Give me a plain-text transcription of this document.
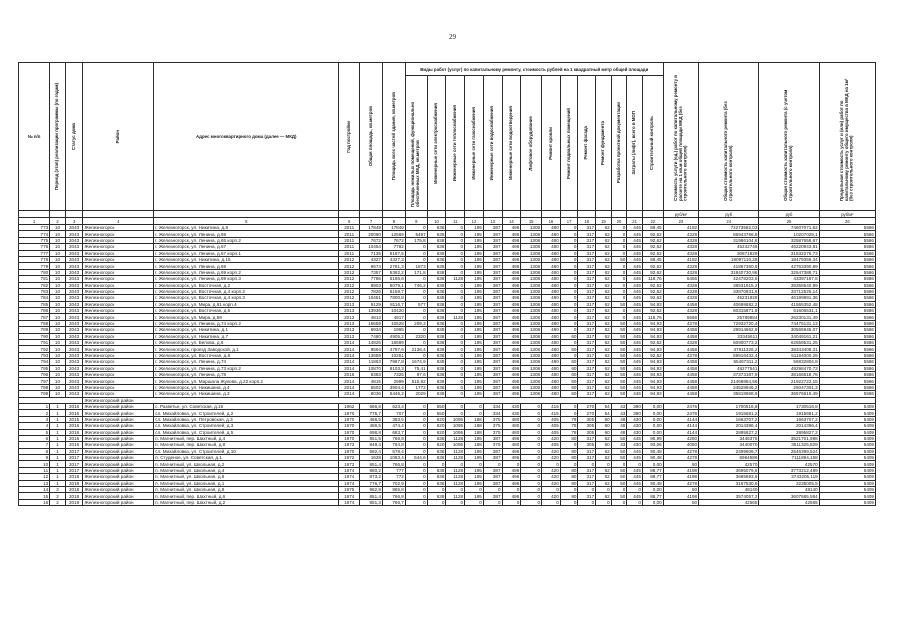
29
№ п/п	Период (этап) реализации программы (по годам)	Статус дома	Район	Адрес многоквартирного дома (далее — МКД)	Год постройки	Общая площадь, кв.метров	Площадь всех частей здания, кв.метров	Виды работ (услуг) по капитальному ремонту, стоимость рублей на 1 квадратный метр общей площади														Стоимость услуги (ед.) работ по капитальному ремонту в расчете на 1 кв.м общей площади МКД (без строительного контроля)	Общая стоимость капитального ремонта (без строительного контроля)	Общая стоимость капитального ремонта (с учетом строительного контроля)	Предельная стоимость услуг и (или) работ по капитальному ремонту общего имущества в МКД на 1м² (без строительного контроля)

								Площадь нежилых помещений, функционально обеспеченных МКД, кв.метров	Инженерные сети электроснабжения	Инженерные сети теплоснабжения	Инженерные сети газоснабжения	Инженерные сети водоснабжения	Инженерные сети водоотведения	Лифтовое оборудование	Ремонт кровли	Ремонт подвальных помещений	Ремонт фасада	Ремонт фундамента	Разработка проектной документации	Затраты (лифт), всего в МОП	Строительный контроль				

																						руб/м²	руб	руб	руб/м²
1	2	3	4	5	6	7	8	9	10	11	12	13	14	15	16	17	18	19	20	21	22	23	24	25	26
773	10	2043	Железногорск	г. Железногорск, ул. Никитина, д.8	2011	17849	17849	0	638	0	195	387	496	1308	480	0	317	62	0	445	89,45	4182	72273582,03	74607071,62	5586
774	10	2043	Железногорск	г. Железногорск, ул. Ленина, д.59	2011	20090	12569	5497	638	0	195	387	496	1308	480	0	317	62	0	445	92,62	4328	86943766,8	10207029,1	5586
775	10	2043	Железногорск	г. Железногорск, ул. Ленина, д.65 корп.2	2011	7672	7672	175,8	638	0	195	387	496	1308	480	0	317	62	0	445	92,62	4328	31986104,8	32587658,67	5586
776	10	2043	Железногорск	г. Железногорск, ул. Ленина, д.67	2011	10454	7782	0	638	0	195	387	496	1308	480	0	317	62	0	445	92,62	4328	45242746	46220943,81	5586
777	10	2043	Железногорск	г. Железногорск, ул. Ленина, д.67 корп.1	2011	7135	5187,5	0	638	0	195	387	496	1308	480	0	317	62	0	445	92,62	4328	30871829	31532276,73	5586
778	10	2043	Железногорск	г. Железногорск, ул. Никитина, д.15	2012	4327	4327,3	0	638	0	195	387	496	1308	480	0	317	62	50	445	88,45	4182	18097110,28	18479356,34	5586
779	10	2043	Железногорск	г. Железногорск, ул. Ленина, д.69	2012	9674	2781,3	1873	638	0	195	387	496	1308	480	0	317	62	0	445	92,62	4328	41867360,8	42763390,89	5586
780	10	2043	Железногорск	г. Железногорск, ул. Ленина, д.69 корп.2	2012	7357	5382,2	171,8	638	0	195	387	496	1308	480	0	317	62	0	445	92,62	4328	31840730,96	32547388,71	5586
781	10	2043	Железногорск	г. Железногорск, ул. Ленина, д.69 корп.3	2012	7786	5186,6	0	638	1128	195	387	496	1308	480	0	317	62	0	445	118,76	5456	42478203,6	43397167,8	5586
782	10	2043	Железногорск	г. Железногорск, ул. Восточная, д.2	2012	8903	5079,1	746,2	638	0	195	387	496	1308	480	0	317	62	0	445	92,62	4328	38531915,2	39358540,99	5586
783	10	2043	Железногорск	г. Железногорск, ул. Восточная, д.4 корп.2	2012	7826	5159,7	0	638	0	195	387	496	1308	480	0	317	62	0	445	92,62	4328	33870931,6	33712525,14	5586
784	10	2043	Железногорск	г. Железногорск, ул. Восточная, д.4 корп.3	2012	10451	7800,8	0	638	0	195	387	496	1308	480	0	317	62	0	445	92,62	4328	45231928	46199891,36	5586
785	10	2043	Железногорск	г. Железногорск, ул. Мира, д.61 корп.4	2013	9129	8116,7	577	638	0	195	387	496	1308	480	0	317	62	50	445	94,93	4458	40698682,2	41565352,48	5586
786	10	2043	Железногорск	г. Железногорск, ул. Восточная, д.6	2013	13936	10420	0	638	0	195	387	496	1308	480	0	317	62	0	445	92,62	4328	60315871,8	61606531,1	5586
787	10	2043	Железногорск	г. Железногорск, ул. Мира, д.59	2013	4813	4917	0	638	1128	195	387	496	1308	480	0	317	62	0	445	118,76	5566	25789884	26230131,49	5586
788	10	2043	Железногорск	г. Железногорск, ул. Ленина, д.74 корп.2	2013	16659	10528	209,3	638	0	195	387	496	1308	480	0	317	62	50	445	94,93	4378	72932720,4	74475131,13	5586
789	10	2043	Железногорск	г. Железногорск, ул. Никитина, д.1	2013	6934	1965	0	638	0	195	387	496	1308	480	0	317	62	50	445	94,93	4458	29914662,9	30565945,07	5586
790	10	2043	Железногорск	г. Железногорск, ул. Никитина, д.7	2013	7480	4905,2	2320	638	0	195	387	496	1308	480	60	317	62	50	445	94,93	4458	33345611	34049161,21	5586
791	10	2043	Железногорск	г. Железногорск, ул. Белова, д.6	2014	14826	16599	0	638	0	195	387	496	1308	480	0	317	62	50	445	92,62	4328	60900773,2	62559531,25	5586
792	10	2043	Железногорск	г. Железногорск, проезд Заводской, д.1	2014	8594	4797,6	2136,4	638	0	195	387	496	1308	480	60	317	62	50	445	94,93	4458	37911326,2	38343408,31	5586
793	10	2043	Железногорск	г. Железногорск, ул. Восточная, д.8	2014	13689	10251	0	638	0	195	387	496	1308	480	0	317	62	50	445	92,62	4378	59916432,4	51184000,25	5586
794	10	2043	Железногорск	г. Железногорск, ул. Ленина, д.74	2014	11863	7967,8	1674,9	638	0	195	387	496	1308	480	60	317	62	50	445	94,93	4458	55467311,2	56832804,8	5586
795	10	2043	Железногорск	г. Железногорск, ул. Ленина, д.73 корп.2	2014	10870	8103,3	75,41	638	0	195	387	496	1308	480	60	317	62	50	445	94,93	4458	48277541	49298470,73	5586
796	10	2043	Железногорск	г. Железногорск, ул. Ленина, д.78	2016	8383	7325	97,6	638	0	195	387	496	1308	480	60	317	62	50	445	94,93	4458	37373187,9	38166518,78	5586
797	10	2043	Железногорск	г. Железногорск, ул. Маршала Жукова, д.22 корп.2	2014	4815	2999	515,92	638	0	195	387	496	1308	480	60	317	62	50	445	94,93	4458	21468894,56	21922722,15	5586
798	10	2043	Железногорск	г. Железногорск, ул. Никишина, д.4	2014	5502	3904,4	1772	638	0	195	387	496	1308	480	60	317	62	50	445	94,93	4458	24528946,2	25047301,3	5586
799	10	2043	Железногорск	г. Железногорск, ул. Никишина, д.3	2014	8036	5446,2	2029	638	0	195	387	496	1308	480	60	317	62	50	445	94,93	4458	35818968,6	36576615,49	5586
			Железногорский район																						
1	1	2016	Железногорский район	с. Разветье, ул. Советская, д.16	1962	686,8	623,4	0	550	0	0	334	430	0	415	0	270	54	43	390	0,00	2476	1700516,8	1730516,8	5409
2	1	2016	Железногорский район	сл. Михайловка, ул. Строителей, д.2	1970	775,7	707	0	550	0	0	334	430	0	415	0	270	54	43	390	0,00	2476	1915681,2	1915681,2	5409
3	1	2015	Железногорский район	сл. Михайловка, ул. Петровская, д.3	1970	466,5	393,5	0	620	1095	188	375	480	0	405	78	305	60	48	430	0,00	4144	1663707,2	1663707,2	5409
4	1	2016	Железногорский район	сл. Михайловка, ул. Строителей, д.3	1970	486,5	474,4	0	620	1095	188	375	480	0	405	78	305	60	48	430	0,00	4144	2014396,4	2014396,4	5409
5	1	2016	Железногорский район	сл. Михайловка, ул. Строителей, д.5	1970	698,8	683,7	0	620	1095	188	375	480	0	405	78	305	60	48	430	0,00	4144	2895827,2	2895827,2	5409
6	1	2016	Железногорский район	п. Магнитный, пер. Шахтный, д.4	1970	851,5	766,9	0	638	1128	195	387	496	0	420	80	317	62	50	445	95,99	4260	3446375	3521701,988	5409
7	1	2016	Железногорский район	п. Магнитный, пер. Шахтный, д.8	1973	849,4	764,8	0	620	1095	188	375	480	0	405	0	305	60	43	430	93,06	4050	3440070	3511325,829	5409
8	1	2017	Железногорский район	сл. Михайловка, ул. Строителей, д.10	1970	582,4	578,4	0	638	1128	195	387	496	0	420	80	317	62	50	445	90,48	4278	2499606,7	2546399,524	5409
9	1	2017	Железногорский район	п. Студеное, ул. Советская, д.1	1972	1628	1083,4	544,6	638	1128	195	387	496	0	420	80	317	62	50	445	90,48	4278	6964586	7111894,158	5409
10	1	2017	Железногорский район	п. Магнитный, ул. Школьная, д.2	1973	851,4	766,8	0	0	0	0	0	0	0	0	0	0	0	0	0	0,00	50	42570	42570	5409
11	1	2017	Железногорский район	п. Магнитный, ул. Школьная, д.4	1974	880,2	777	0	638	1128	195	387	496	0	420	80	317	62	50	445	88,77	4198	3695079,6	3773212,489	5409
12	1	2018	Железногорский район	п. Магнитный, ул. Школьная, д.6	1974	873,2	772	0	638	1128	195	387	496	0	420	80	317	62	50	445	88,77	4198	3665693,6	3743205,119	5409
13	1	2018	Железногорский район	п. Магнитный, ул. Школьная, д.1	1974	776,7	702,9	0	638	1128	195	387	496	0	420	80	317	62	50	445	90,48	4278	3167530,6	3235005,5	5409
14	2	2018	Железногорский район	п. Магнитный, ул. Школьная, д.8	1975	962,8	865,8	0	0	0	0	0	0	0	0	0	0	0	0	0	0,00	50	48140	48140	5409
15	2	2018	Железногорский район	п. Магнитный, пер. Шахтный, д.6	1974	851,4	766,8	0	638	1128	195	387	496	0	420	80	317	62	50	445	88,77	4198	3574057,2	3607585,584	5409
16	2	2019	Железногорский район	п. Магнитный, пер. Шахтный, д.2	1974	851,3	766,7	0	0	0	0	0	0	0	0	0	0	0	0	0	0,00	50	42565	42565	5409
